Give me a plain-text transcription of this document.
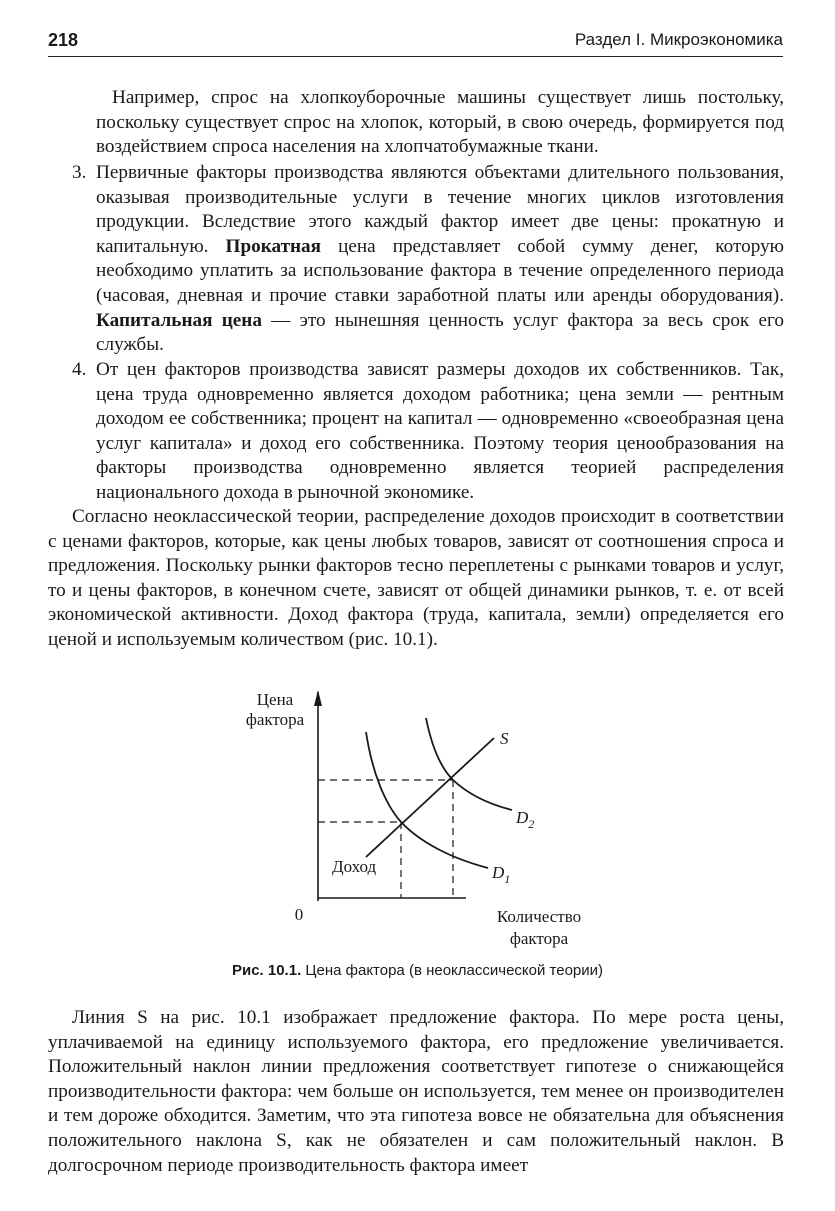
218	Раздел I. Микроэкономика

Например, спрос на хлопкоуборочные машины существует лишь постольку, поскольку существует спрос на хлопок, который, в свою очередь, формируется под воздействием спроса населения на хлопчатобумажные ткани.

3. Первичные факторы производства являются объектами длительного пользования, оказывая производительные услуги в течение многих циклов изготовления продукции. Вследствие этого каждый фактор имеет две цены: прокатную и капитальную. Прокатная цена представляет собой сумму денег, которую необходимо уплатить за использование фактора в течение определенного периода (часовая, дневная и прочие ставки заработной платы или аренды оборудования). Капитальная цена — это нынешняя ценность услуг фактора за весь срок его службы.

4. От цен факторов производства зависят размеры доходов их собственников. Так, цена труда одновременно является доходом работника; цена земли — рентным доходом ее собственника; процент на капитал — одновременно «своеобразная цена услуг капитала» и доход его собственника. Поэтому теория ценообразования на факторы производства одновременно является теорией распределения национального дохода в рыночной экономике.

Согласно неоклассической теории, распределение доходов происходит в соответствии с ценами факторов, которые, как цены любых товаров, зависят от соотношения спроса и предложения. Поскольку рынки факторов тесно переплетены с рынками товаров и услуг, то и цены факторов, в конечном счете, зависят от общей динамики рынков, т. е. от всей экономической активности. Доход фактора (труда, капитала, земли) определяется его ценой и используемым количеством (рис. 10.1).

Цена
фактора
0	Количество
фактора
Доход
S
$D_2$
$D_1$
Рис. 10.1. Цена фактора (в неоклассической теории)

Линия S на рис. 10.1 изображает предложение фактора. По мере роста цены, уплачиваемой на единицу используемого фактора, его предложение увеличивается. Положительный наклон линии предложения соответствует гипотезе о снижающейся производительности фактора: чем больше он используется, тем менее он производителен и тем дороже обходится. Заметим, что эта гипотеза вовсе не обязательна для объяснения положительного наклона S, как не обязателен и сам положительный наклон. В долгосрочном периоде производительность фактора имеет
